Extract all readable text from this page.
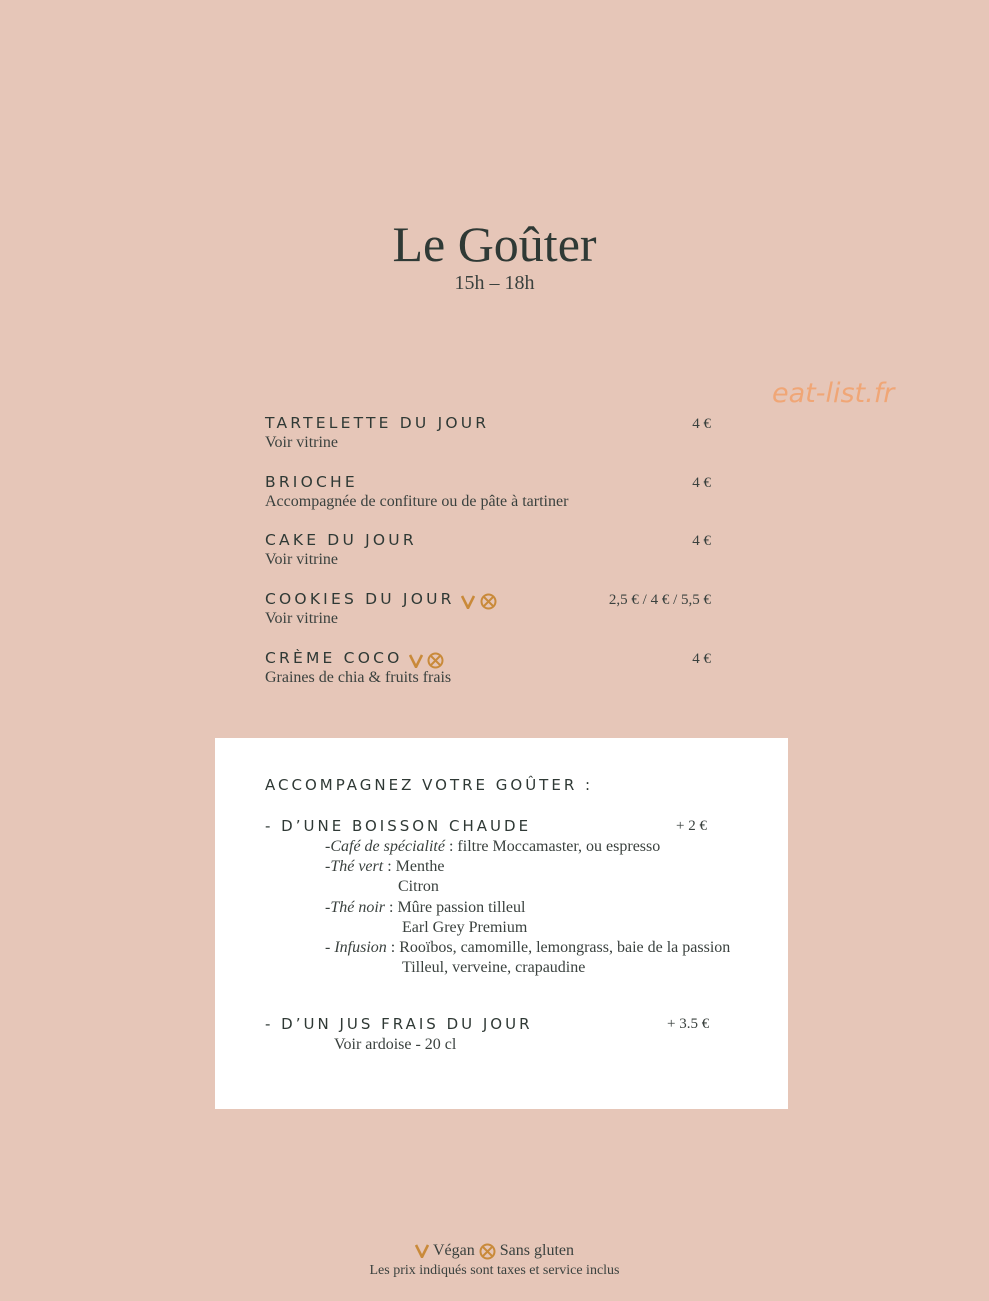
Le Goûter
15h – 18h
eat-list.fr
TARTELETTE DU JOUR	4 €
Voir vitrine
BRIOCHE	4 €
Accompagnée de confiture ou de pâte à tartiner
CAKE DU JOUR	4 €
Voir vitrine
COOKIES DU JOUR	2,5 € / 4 € / 5,5 €
Voir vitrine
CRÈME COCO	4 €
Graines de chia & fruits frais
ACCOMPAGNEZ VOTRE GOÛTER :
- D’UNE BOISSON CHAUDE	+ 2 €
-Café de spécialité : filtre Moccamaster, ou espresso
-Thé vert : Menthe
Citron
-Thé noir : Mûre passion tilleul
Earl Grey Premium
- Infusion : Rooïbos, camomille, lemongrass, baie de la passion
Tilleul, verveine, crapaudine
- D’UN JUS FRAIS DU JOUR	+ 3.5 €
Voir ardoise - 20 cl
Végan Sans gluten
Les prix indiqués sont taxes et service inclus
